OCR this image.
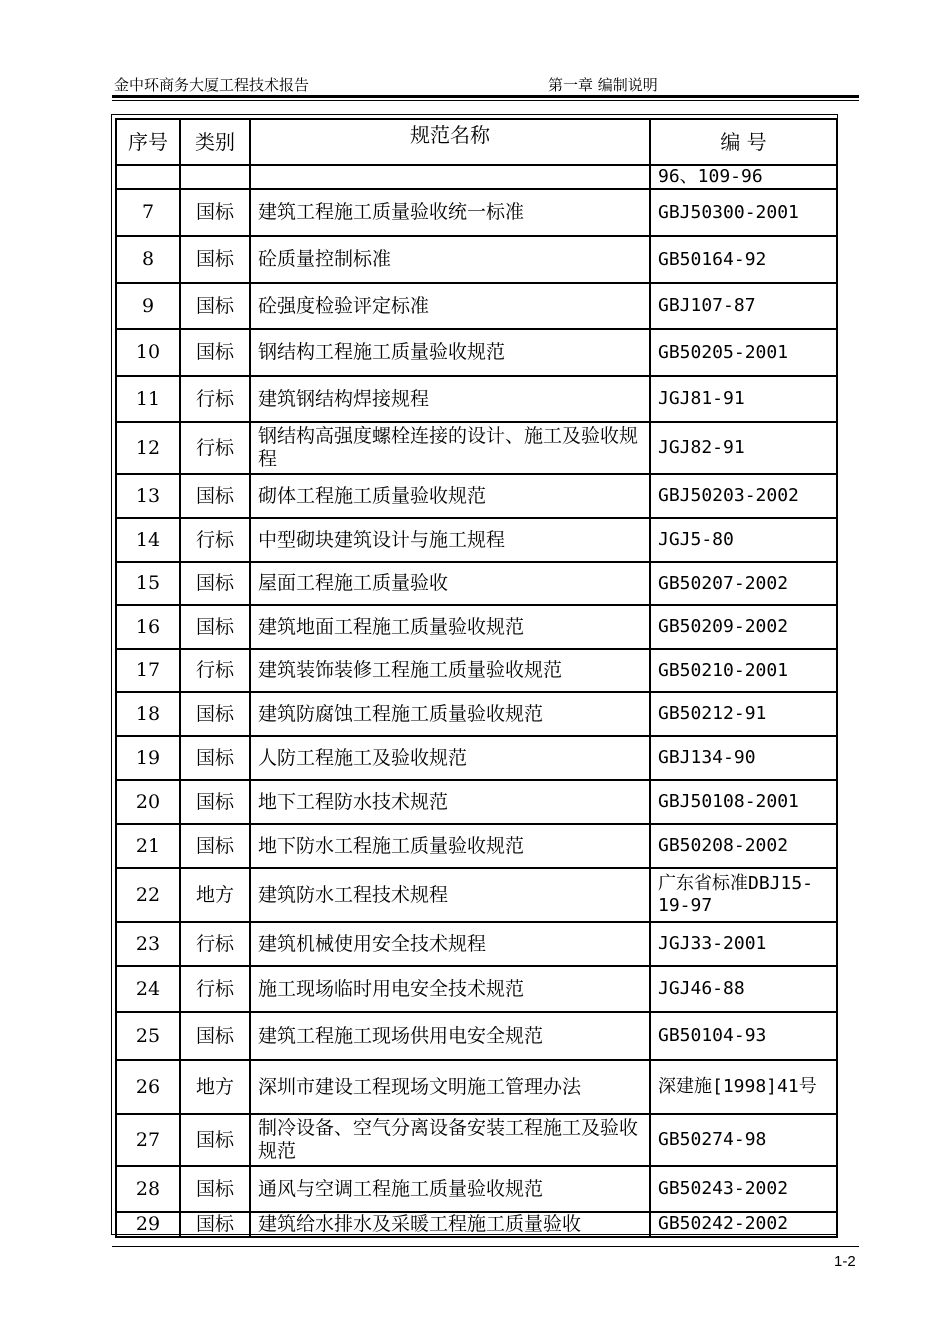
金中环商务大厦工程技术报告	第一章 编制说明
序号	类别	规范名称	编 号
			96、109-96
7	国标	建筑工程施工质量验收统一标准	GBJ50300-2001
8	国标	砼质量控制标准	GB50164-92
9	国标	砼强度检验评定标准	GBJ107-87
10	国标	钢结构工程施工质量验收规范	GB50205-2001
11	行标	建筑钢结构焊接规程	JGJ81-91
12	行标	钢结构高强度螺栓连接的设计、施工及验收规程	JGJ82-91
13	国标	砌体工程施工质量验收规范	GBJ50203-2002
14	行标	中型砌块建筑设计与施工规程	JGJ5-80
15	国标	屋面工程施工质量验收	GB50207-2002
16	国标	建筑地面工程施工质量验收规范	GB50209-2002
17	行标	建筑装饰装修工程施工质量验收规范	GB50210-2001
18	国标	建筑防腐蚀工程施工质量验收规范	GB50212-91
19	国标	人防工程施工及验收规范	GBJ134-90
20	国标	地下工程防水技术规范	GBJ50108-2001
21	国标	地下防水工程施工质量验收规范	GB50208-2002
22	地方	建筑防水工程技术规程	广东省标准DBJ15-19-97
23	行标	建筑机械使用安全技术规程	JGJ33-2001
24	行标	施工现场临时用电安全技术规范	JGJ46-88
25	国标	建筑工程施工现场供用电安全规范	GB50104-93
26	地方	深圳市建设工程现场文明施工管理办法	深建施[1998]41号
27	国标	制冷设备、空气分离设备安装工程施工及验收规范	GB50274-98
28	国标	通风与空调工程施工质量验收规范	GB50243-2002
29	国标	建筑给水排水及采暖工程施工质量验收	GB50242-2002
1-2
